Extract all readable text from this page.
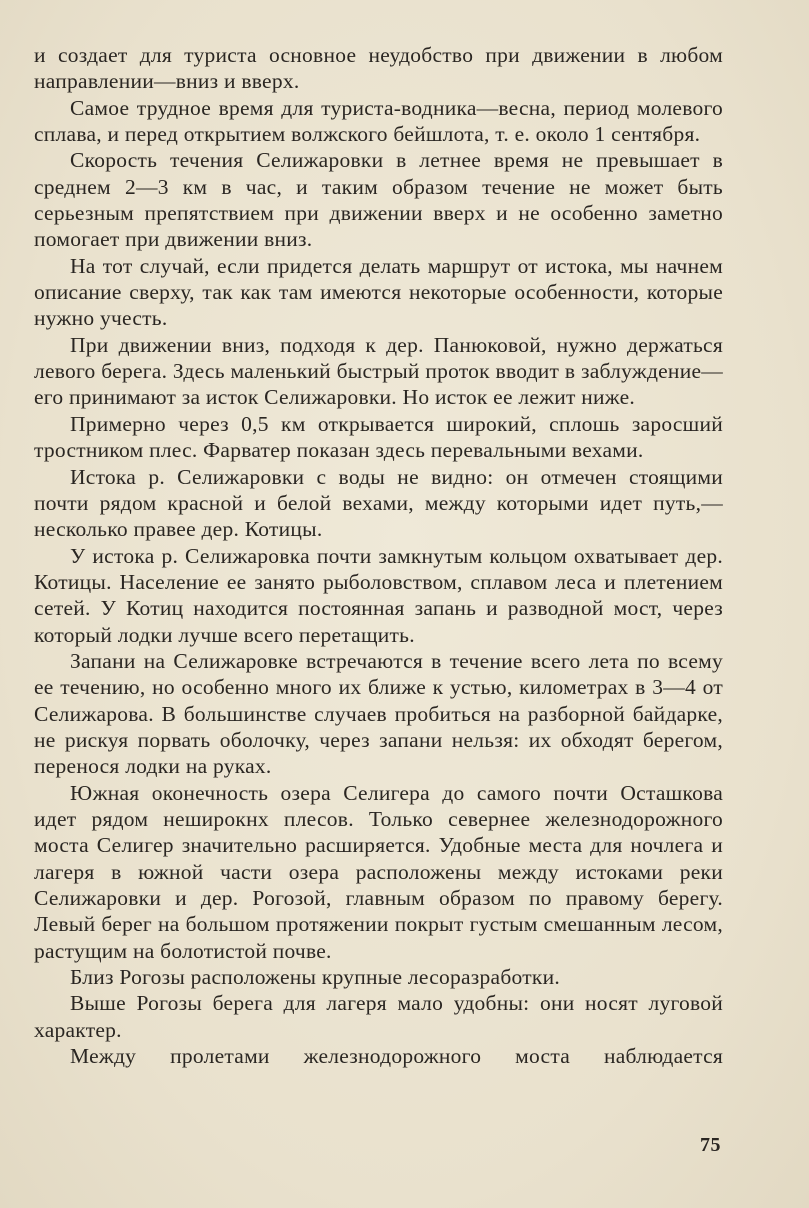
и создает для туриста основное неудобство при движении в любом направлении—вниз и вверх.

Самое трудное время для туриста-водника—весна, период молевого сплава, и перед открытием волжского бейшлота, т. е. около 1 сентября.

Скорость течения Селижаровки в летнее время не превышает в среднем 2—3 км в час, и таким образом течение не может быть серьезным препятствием при движении вверх и не особенно заметно помогает при движении вниз.

На тот случай, если придется делать маршрут от истока, мы начнем описание сверху, так как там имеются некоторые особенности, которые нужно учесть.

При движении вниз, подходя к дер. Панюковой, нужно держаться левого берега. Здесь маленький быстрый проток вводит в заблуждение—его принимают за исток Селижаровки. Но исток ее лежит ниже.

Примерно через 0,5 км открывается широкий, сплошь заросший тростником плес. Фарватер показан здесь перевальными вехами.

Истока р. Селижаровки с воды не видно: он отмечен стоящими почти рядом красной и белой вехами, между которыми идет путь,—несколько правее дер. Котицы.

У истока р. Селижаровка почти замкнутым кольцом охватывает дер. Котицы. Население ее занято рыболовством, сплавом леса и плетением сетей. У Котиц находится постоянная запань и разводной мост, через который лодки лучше всего перетащить.

Запани на Селижаровке встречаются в течение всего лета по всему ее течению, но особенно много их ближе к устью, километрах в 3—4 от Селижарова. В большинстве случаев пробиться на разборной байдарке, не рискуя порвать оболочку, через запани нельзя: их обходят берегом, перенося лодки на руках.

Южная оконечность озера Селигера до самого почти Осташкова идет рядом неширокнх плесов. Только севернее железнодорожного моста Селигер значительно расширяется. Удобные места для ночлега и лагеря в южной части озера расположены между истоками реки Селижаровки и дер. Рогозой, главным образом по правому берегу. Левый берег на большом протяжении покрыт густым смешанным лесом, растущим на болотистой почве.

Близ Рогозы расположены крупные лесоразработки.

Выше Рогозы берега для лагеря мало удобны: они носят луговой характер.

Между пролетами железнодорожного моста наблюдается

75
